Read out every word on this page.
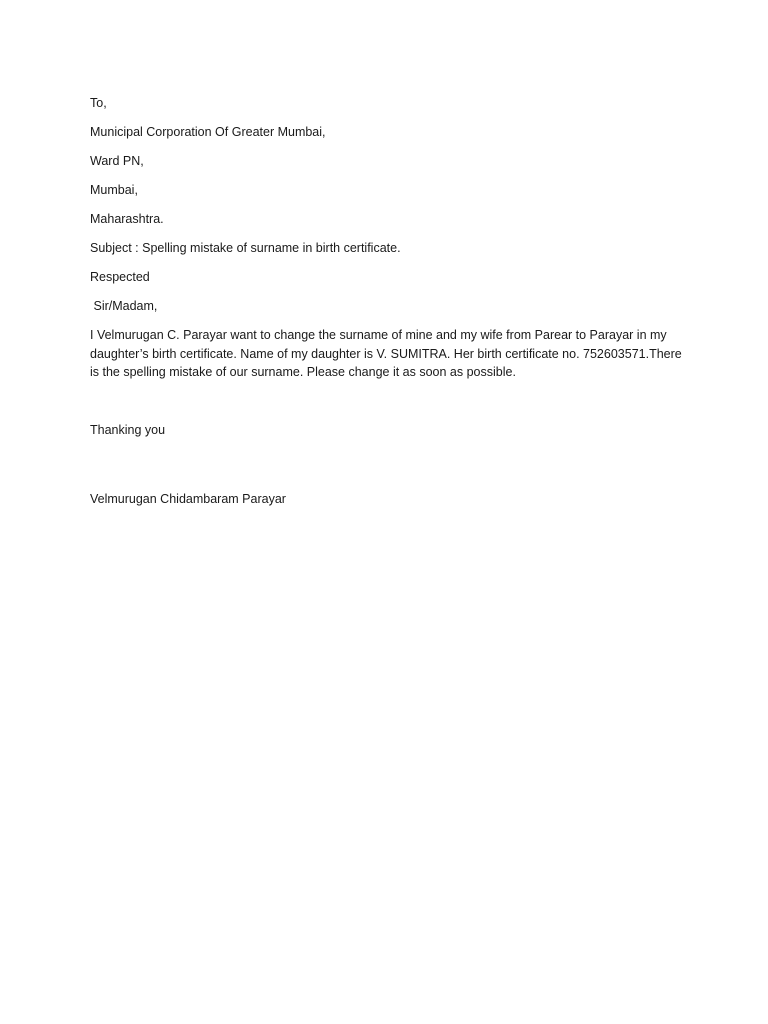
To,

Municipal Corporation Of Greater Mumbai,

Ward PN,

Mumbai,

Maharashtra.

Subject : Spelling mistake of surname in birth certificate.

Respected

Sir/Madam,

I Velmurugan C. Parayar want to change the surname of mine and my wife from Parear to Parayar in my daughter’s birth certificate. Name of my daughter is V. SUMITRA. Her birth certificate no. 752603571.There is the spelling mistake of our surname. Please change it as soon as possible.

Thanking you

Velmurugan Chidambaram Parayar
